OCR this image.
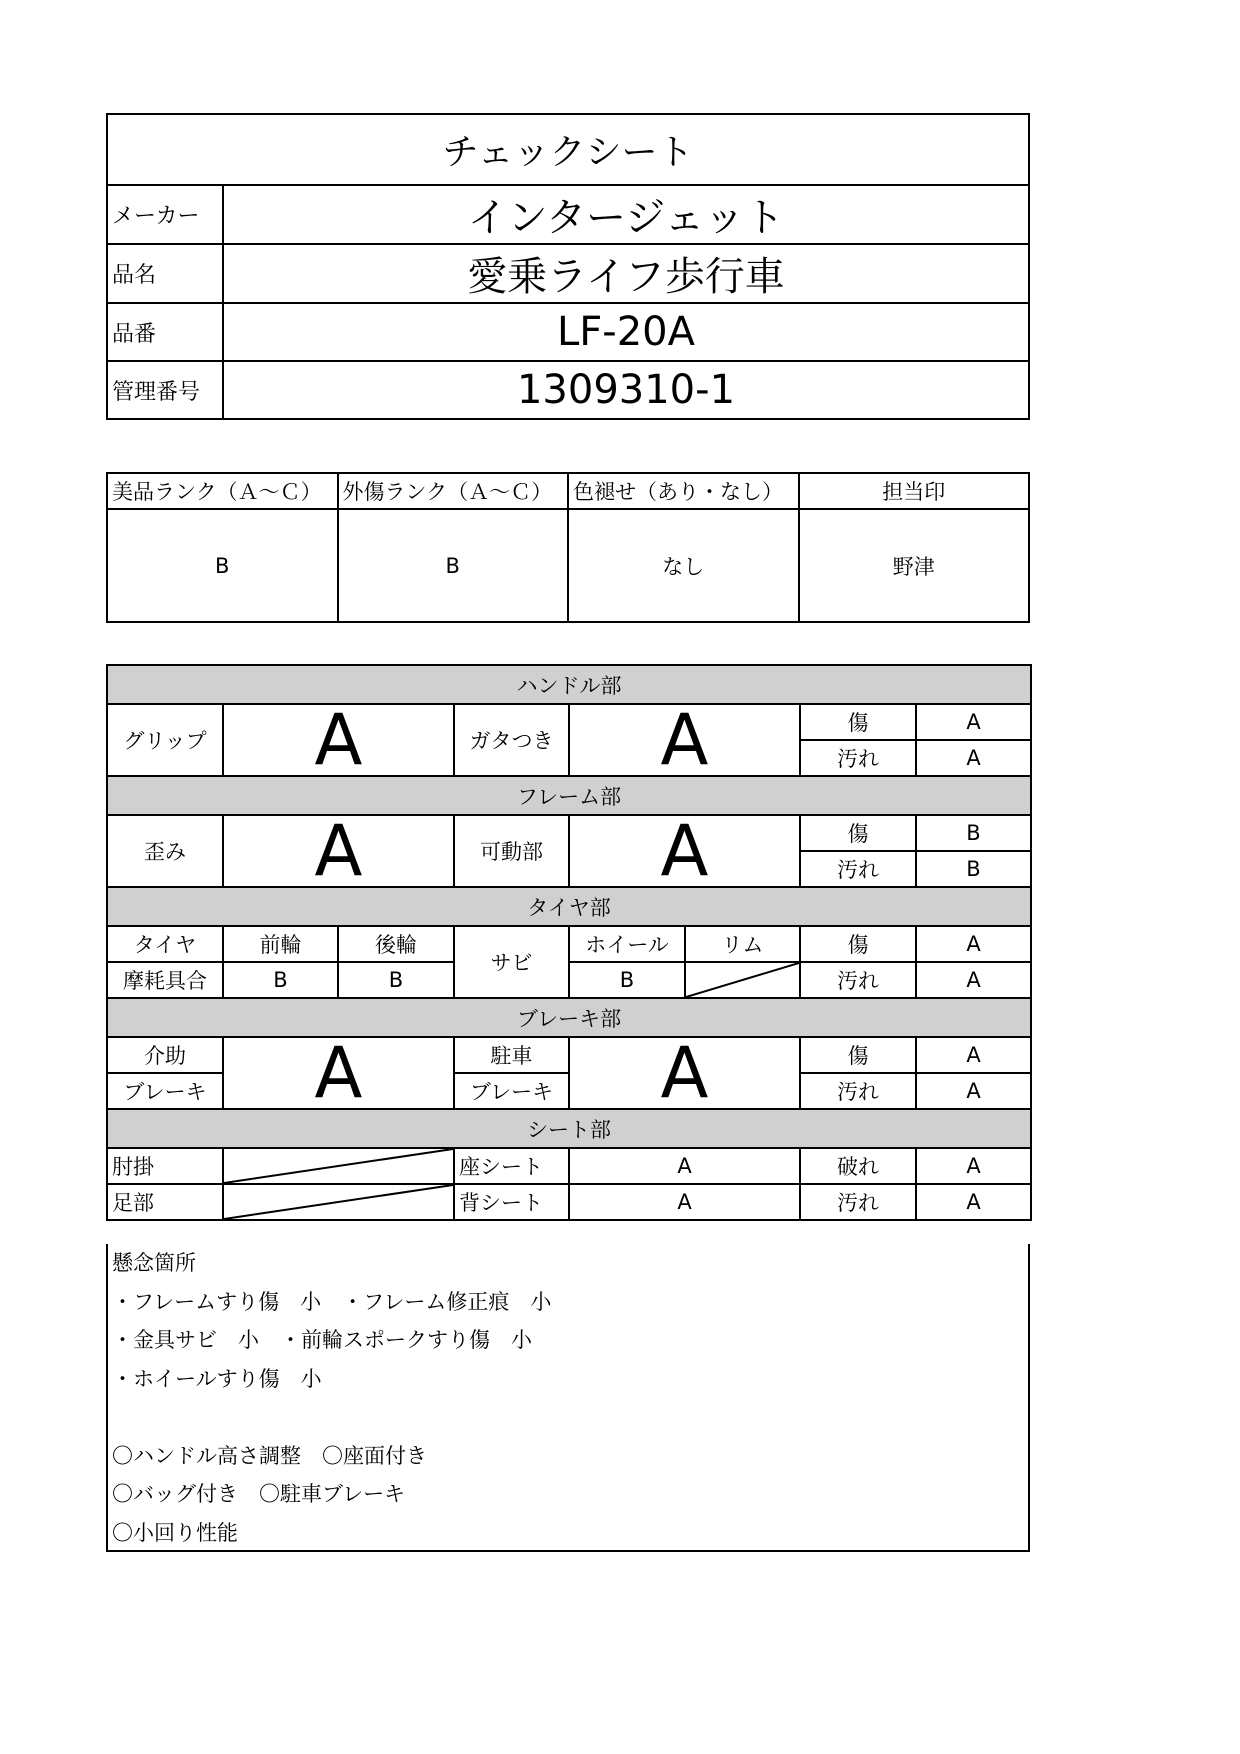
チェックシート	
メーカー	インタージェット
品名	愛乗ライフ歩行車
品番	LF-20A
管理番号	1309310-1
美品ランク（Ａ～Ｃ）	外傷ランク（Ａ～Ｃ）	色褪せ（あり・なし）	担当印
B	B	なし	野津
ハンドル部							
グリップ	A		ガタつき	A		傷	A
						汚れ	A
フレーム部							
歪み	A		可動部	A		傷	B
						汚れ	B
タイヤ部							
タイヤ	前輪	後輪	サビ	ホイール	リム	傷	A
摩耗具合	B	B		B		汚れ	A
ブレーキ部							
介助	A		駐車	A		傷	A
ブレーキ			ブレーキ			汚れ	A
シート部							
肘掛			座シート	A		破れ	A
足部			背シート	A		汚れ	A
懸念箇所
・フレームすり傷　小　・フレーム修正痕　小
・金具サビ　小　・前輪スポークすり傷　小
・ホイールすり傷　小
〇ハンドル高さ調整　〇座面付き
〇バッグ付き　〇駐車ブレーキ
〇小回り性能
